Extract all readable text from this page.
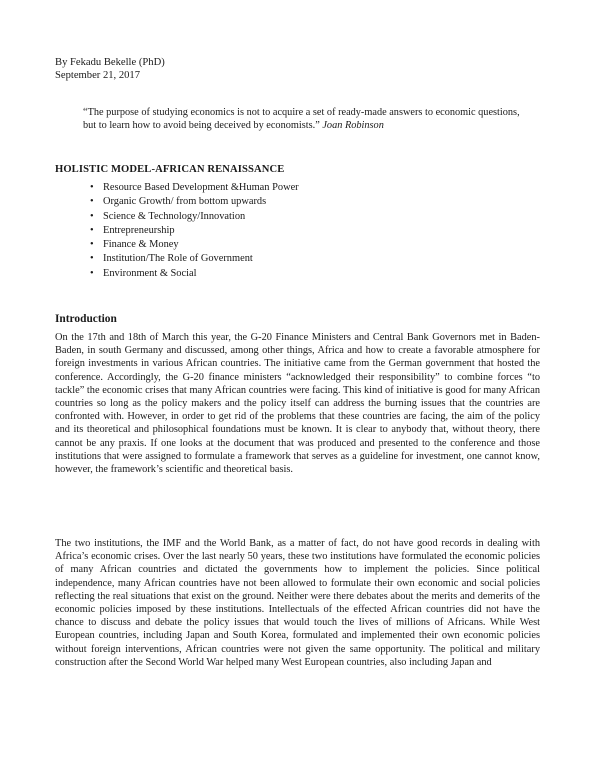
By Fekadu Bekelle (PhD)
September 21, 2017
“The purpose of studying economics is not to acquire a set of ready-made answers to economic questions, but to learn how to avoid being deceived by economists.” Joan Robinson
HOLISTIC MODEL-AFRICAN RENAISSANCE
• Resource Based Development &Human Power
• Organic Growth/ from bottom upwards
• Science & Technology/Innovation
• Entrepreneurship
• Finance & Money
• Institution/The Role of Government
• Environment & Social
Introduction

On the 17th and 18th of March this year, the G-20 Finance Ministers and Central Bank Governors met in Baden-Baden, in south Germany and discussed, among other things, Africa and how to create a favorable atmosphere for foreign investments in various African countries. The initiative came from the German government that hosted the conference. Accordingly, the G-20 finance ministers “acknowledged their responsibility” to combine forces “to tackle” the economic crises that many African countries were facing. This kind of initiative is good for many African countries so long as the policy makers and the policy itself can address the burning issues that the countries are confronted with. However, in order to get rid of the problems that these countries are facing, the aim of the policy and its theoretical and philosophical foundations must be known. It is clear to anybody that, without theory, there cannot be any praxis. If one looks at the document that was produced and presented to the conference and those institutions that were assigned to formulate a framework that serves as a guideline for investment, one cannot know, however, the framework’s scientific and theoretical basis.

The two institutions, the IMF and the World Bank, as a matter of fact, do not have good records in dealing with Africa’s economic crises. Over the last nearly 50 years, these two institutions have formulated the economic policies of many African countries and dictated the governments how to implement the policies. Since political independence, many African countries have not been allowed to formulate their own economic and social policies reflecting the real situations that exist on the ground. Neither were there debates about the merits and demerits of the economic policies imposed by these institutions. Intellectuals of the effected African countries did not have the chance to discuss and debate the policy issues that would touch the lives of millions of Africans. While West European countries, including Japan and South Korea, formulated and implemented their own economic policies without foreign interventions, African countries were not given the same opportunity. The political and military construction after the Second World War helped many West European countries, also including Japan and
